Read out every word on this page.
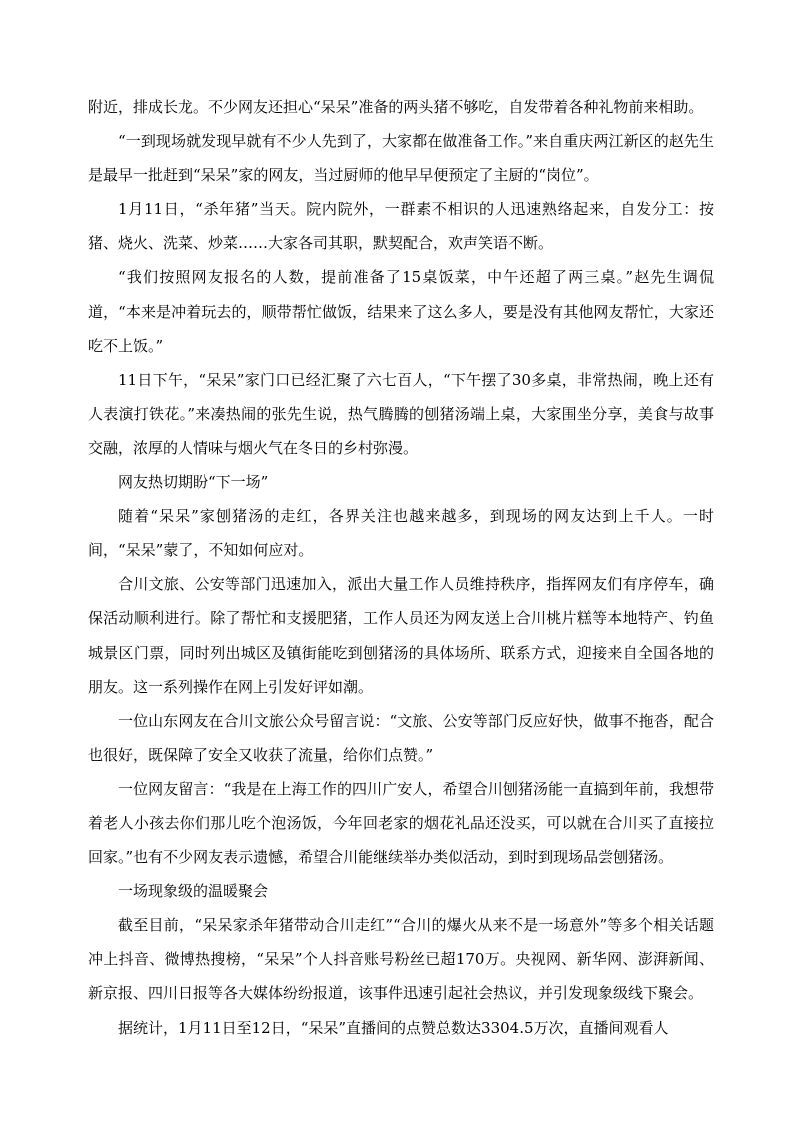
附近，排成长龙。不少网友还担心“呆呆”准备的两头猪不够吃，自发带着各种礼物前来相助。

“一到现场就发现早就有不少人先到了，大家都在做准备工作。”来自重庆两江新区的赵先生是最早一批赶到“呆呆”家的网友，当过厨师的他早早便预定了主厨的“岗位”。

1月11日，“杀年猪”当天。院内院外，一群素不相识的人迅速熟络起来，自发分工：按猪、烧火、洗菜、炒菜……大家各司其职，默契配合，欢声笑语不断。

“我们按照网友报名的人数，提前准备了15桌饭菜，中午还超了两三桌。”赵先生调侃道，“本来是冲着玩去的，顺带帮忙做饭，结果来了这么多人，要是没有其他网友帮忙，大家还吃不上饭。”

11日下午，“呆呆”家门口已经汇聚了六七百人，“下午摆了30多桌，非常热闹，晚上还有人表演打铁花。”来凑热闹的张先生说，热气腾腾的刨猪汤端上桌，大家围坐分享，美食与故事交融，浓厚的人情味与烟火气在冬日的乡村弥漫。

网友热切期盼“下一场”

随着“呆呆”家刨猪汤的走红，各界关注也越来越多，到现场的网友达到上千人。一时间，“呆呆”蒙了，不知如何应对。

合川文旅、公安等部门迅速加入，派出大量工作人员维持秩序，指挥网友们有序停车，确保活动顺利进行。除了帮忙和支援肥猪，工作人员还为网友送上合川桃片糕等本地特产、钓鱼城景区门票，同时列出城区及镇街能吃到刨猪汤的具体场所、联系方式，迎接来自全国各地的朋友。这一系列操作在网上引发好评如潮。

一位山东网友在合川文旅公众号留言说：“文旅、公安等部门反应好快，做事不拖沓，配合也很好，既保障了安全又收获了流量，给你们点赞。”

一位网友留言：“我是在上海工作的四川广安人，希望合川刨猪汤能一直搞到年前，我想带着老人小孩去你们那儿吃个泡汤饭，今年回老家的烟花礼品还没买，可以就在合川买了直接拉回家。”也有不少网友表示遗憾，希望合川能继续举办类似活动，到时到现场品尝刨猪汤。

一场现象级的温暖聚会

截至目前，“呆呆家杀年猪带动合川走红”“合川的爆火从来不是一场意外”等多个相关话题冲上抖音、微博热搜榜，“呆呆”个人抖音账号粉丝已超170万。央视网、新华网、澎湃新闻、新京报、四川日报等各大媒体纷纷报道，该事件迅速引起社会热议，并引发现象级线下聚会。

据统计，1月11日至12日，“呆呆”直播间的点赞总数达3304.5万次，直播间观看人
